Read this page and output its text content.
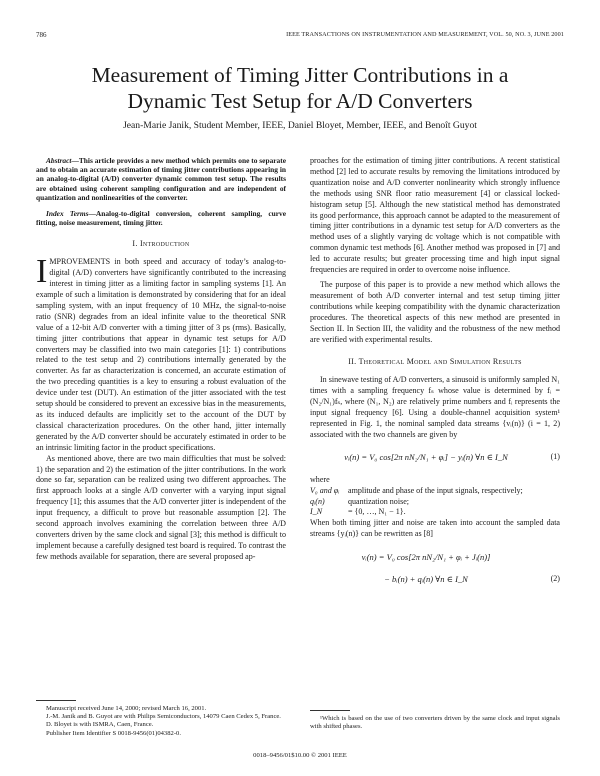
786	IEEE TRANSACTIONS ON INSTRUMENTATION AND MEASUREMENT, VOL. 50, NO. 3, JUNE 2001
Measurement of Timing Jitter Contributions in a
Dynamic Test Setup for A/D Converters
Jean-Marie Janik, Student Member, IEEE, Daniel Bloyet, Member, IEEE, and Benoît Guyot

Abstract—This article provides a new method which permits one to separate and to obtain an accurate estimation of timing jitter contributions appearing in an analog-to-digital (A/D) converter dynamic common test setup. The results are obtained using coherent sampling configuration and are independent of quantization and nonlinearities of the converter.

Index Terms—Analog-to-digital conversion, coherent sampling, curve fitting, noise measurement, timing jitter.

I. Introduction

IMPROVEMENTS in both speed and accuracy of today’s analog-to-digital (A/D) converters have significantly contributed to the increasing interest in timing jitter as a limiting factor in sampling systems [1]. An example of such a limitation is demonstrated by considering that for an ideal sampling system, with an input frequency of 10 MHz, the signal-to-noise ratio (SNR) degrades from an ideal infinite value to the theoretical SNR value of a 12-bit A/D converter with a timing jitter of 3 ps (rms). Basically, timing jitter contributions that appear in dynamic test setups for A/D converters may be classified into two main categories [1]: 1) contributions related to the test setup and 2) contributions internally generated by the converter. As far as characterization is concerned, an accurate estimation of the two preceding quantities is a key to ensuring a robust evaluation of the device under test (DUT). An estimation of the jitter associated with the test setup should be considered to prevent an excessive bias in the measurements, as its induced defaults are implicitly set to the account of the DUT by classical characterization procedures. On the other hand, jitter internally generated by the A/D converter should be accurately estimated in order to be an intrinsic limiting factor in the product specifications.

As mentioned above, there are two main difficulties that must be solved: 1) the separation and 2) the estimation of the jitter contributions. In the work done so far, separation can be realized using two different approaches. The first approach looks at a single A/D converter with a varying input signal frequency [1]; this assumes that the A/D converter jitter is independent of the input frequency, a difficult to prove but reasonable assumption [2]. The second approach involves examining the correlation between three A/D converters driven by the same clock and signal [3]; this method is difficult to implement because a carefully designed test board is required. To contrast the few methods available for separation, there are several proposed ap-

Manuscript received June 14, 2000; revised March 16, 2001.

J.-M. Janik and B. Guyot are with Philips Semiconductors, 14079 Caen Cedex 5, France.

D. Bloyet is with ISMRA, Caen, France.

Publisher Item Identifier S 0018-9456(01)04382-0.

proaches for the estimation of timing jitter contributions. A recent statistical method [2] led to accurate results by removing the limitations introduced by quantization noise and A/D converter nonlinearity which strongly influence the methods using SNR floor ratio measurement [4] or classical locked-histogram setup [5]. Although the new statistical method has demonstrated its good performance, this approach cannot be adapted to the measurement of timing jitter contributions in a dynamic test setup for A/D converters as the method uses of a slightly varying dc voltage which is not compatible with common dynamic test methods [6]. Another method was proposed in [7] and led to accurate results; but greater processing time and high input signal frequencies are required in order to overcome noise influence.

The purpose of this paper is to provide a new method which allows the measurement of both A/D converter internal and test setup timing jitter contributions while keeping compatibility with the dynamic characterization procedures. The theoretical aspects of this new method are presented in Section II. In Section III, the validity and the robustness of the new method are verified with experimental results.

II. Theoretical Model and Simulation Results

In sinewave testing of A/D converters, a sinusoid is uniformly sampled N₁ times with a sampling frequency fₛ whose value is determined by fᵢ = (N₂/N₁)fₛ, where (N₁, N₂) are relatively prime numbers and fᵢ represents the input signal frequency [6]. Using a double-channel acquisition system¹ represented in Fig. 1, the nominal sampled data streams {vᵢ(n)} (i = 1, 2) associated with the two channels are given by

vᵢ(n) = V₀ cos[2π nN₂/N₁ + φᵢ] − yᵢ(n) ∀n ∈ I_N	(1)

where

V₀ and φᵢ	amplitude and phase of the input signals, respectively;
qᵢ(n)	quantization noise;
I_N	= {0, …, N₁ − 1}.

When both timing jitter and noise are taken into account the sampled data streams {yᵢ(n)} can be rewritten as [8]

vᵢ(n) = V₀ cos[2π nN₂/N₁ + φᵢ + Jᵢ(n)]
− bᵢ(n) + qᵢ(n) ∀n ∈ I_N	(2)

¹Which is based on the use of two converters driven by the same clock and input signals with shifted phases.

0018–9456/01$10.00 © 2001 IEEE
